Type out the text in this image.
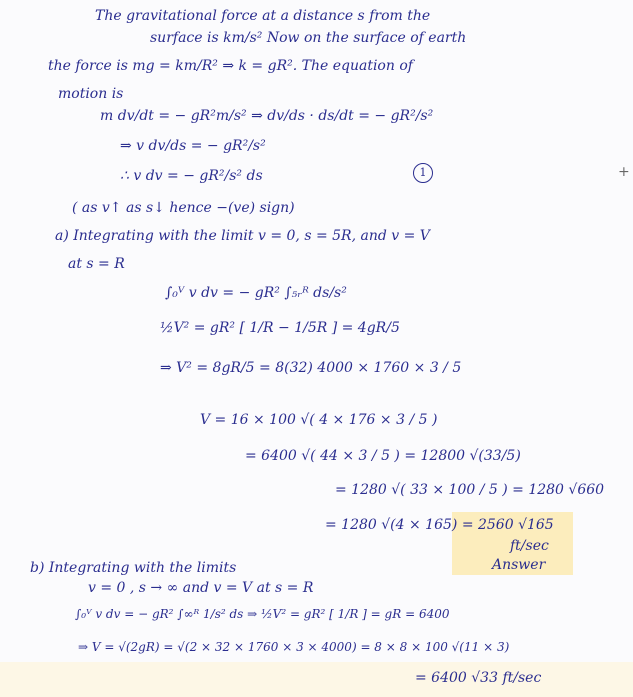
The gravitational force at a distance s from the
surface is km/s² Now on the surface of earth
the force is mg = km/R² ⇒ k = gR². The equation of
motion is
m dv/dt = − gR²m/s² ⇒ dv/ds · ds/dt = − gR²/s²
⇒ v dv/ds = − gR²/s²
∴ v dv = − gR²/s² ds	1	+
( as v↑ as s↓ hence −(ve) sign)
a) Integrating with the limit v = 0, s = 5R, and v = V
at s = R
∫₀ⱽ v dv = − gR² ∫₅ᵣᴿ ds/s²
½V² = gR² [ 1/R − 1/5R ] = 4gR/5
⇒ V² = 8gR/5 = 8(32) 4000 × 1760 × 3 / 5
V = 16 × 100 √( 4 × 176 × 3 / 5 )
= 6400 √( 44 × 3 / 5 ) = 12800 √(33/5)
= 1280 √( 33 × 100 / 5 ) = 1280 √660
= 1280 √(4 × 165) = 2560 √165
ft/sec
Answer
b) Integrating with the limits
v = 0 , s → ∞ and v = V at s = R
∫₀ⱽ v dv = − gR² ∫∞ᴿ 1/s² ds ⇒ ½V² = gR² [ 1/R ] = gR = 6400
⇒ V = √(2gR) = √(2 × 32 × 1760 × 3 × 4000) = 8 × 8 × 100 √(11 × 3)
= 6400 √33 ft/sec
